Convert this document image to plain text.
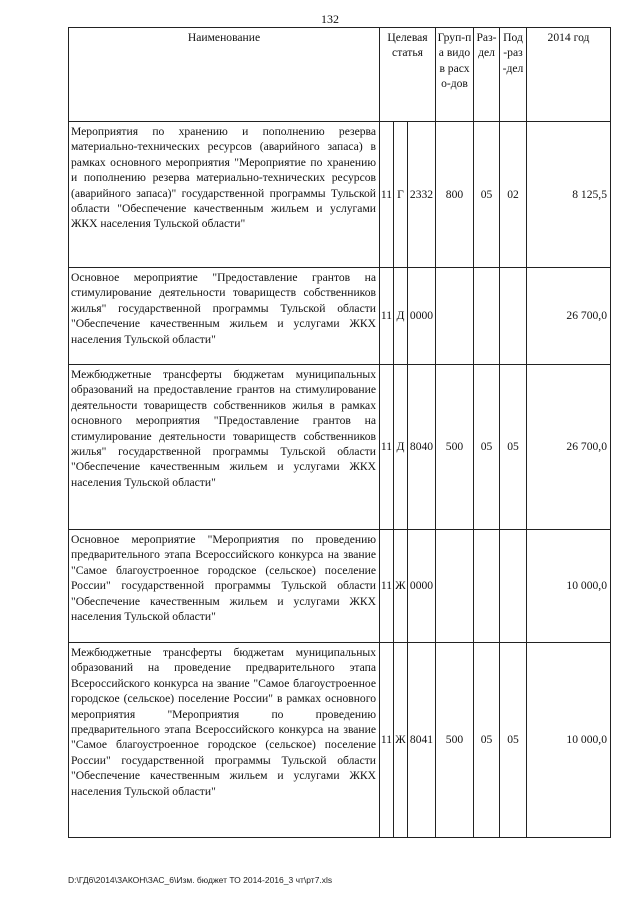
132
Наименование	Целевая статья			Груп-па видов расхо-дов	Раз-дел	Под-раз-дел	2014 год
Мероприятия по хранению и пополнению резерва материально-технических ресурсов (аварийного запаса) в рамках основного мероприятия "Мероприятие по хранению и пополнению резерва материально-технических ресурсов (аварийного запаса)" государственной программы Тульской области "Обеспечение качественным жильем и услугами ЖКХ населения Тульской области"	11	Г	2332	800	05	02	8 125,5
Основное мероприятие "Предоставление грантов на стимулирование деятельности товариществ собственников жилья" государственной программы Тульской области "Обеспечение качественным жильем и услугами ЖКХ населения Тульской области"	11	Д	0000				26 700,0
Межбюджетные трансферты бюджетам муниципальных образований на предоставление грантов на стимулирование деятельности товариществ собственников жилья в рамках основного мероприятия "Предоставление грантов на стимулирование деятельности товариществ собственников жилья" государственной программы Тульской области "Обеспечение качественным жильем и услугами ЖКХ населения Тульской области"	11	Д	8040	500	05	05	26 700,0
Основное мероприятие "Мероприятия по проведению предварительного этапа Всероссийского конкурса на звание "Самое благоустроенное городское (сельское) поселение России" государственной программы Тульской области "Обеспечение качественным жильем и услугами ЖКХ населения Тульской области"	11	Ж	0000				10 000,0
Межбюджетные трансферты бюджетам муниципальных образований на проведение предварительного этапа Всероссийского конкурса на звание "Самое благоустроенное городское (сельское) поселение России" в рамках основного мероприятия "Мероприятия по проведению предварительного этапа Всероссийского конкурса на звание "Самое благоустроенное городское (сельское) поселение России" государственной программы Тульской области "Обеспечение качественным жильем и услугами ЖКХ населения Тульской области"	11	Ж	8041	500	05	05	10 000,0
D:\ГД6\2014\ЗАКОН\ЗАС_6\Изм. бюджет ТО 2014-2016_3 чт\рт7.xls
